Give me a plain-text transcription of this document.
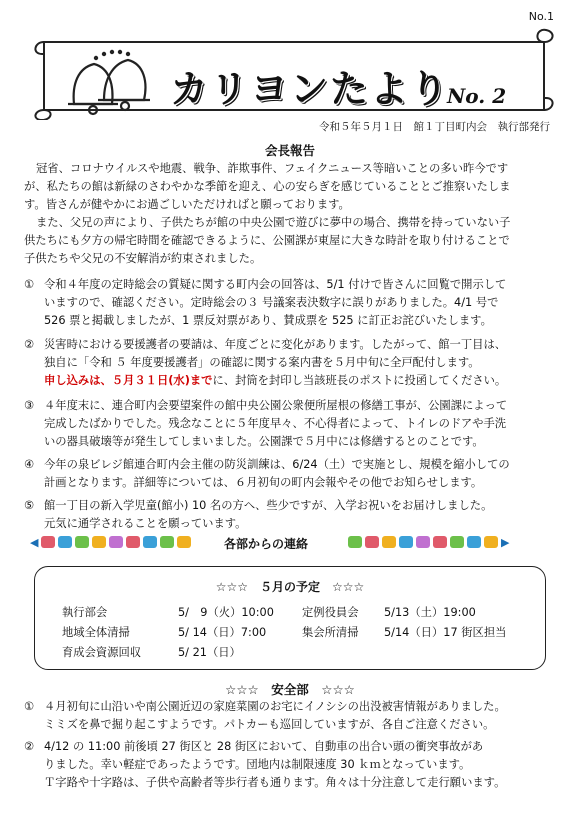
No.1
カリヨンたより
No. 2
令和５年５月１日　館１丁目町内会　執行部発行
会長報告
冠省、コロナウイルスや地震、戦争、詐欺事件、フェイクニュース等暗いことの多い昨今です
が、私たちの館は新緑のさわやかな季節を迎え、心の安らぎを感じていることとご推察いたしま
す。皆さんが健やかにお過ごしいただければと願っております。
また、父兄の声により、子供たちが館の中央公園で遊びに夢中の場合、携帯を持っていない子
供たちにも夕方の帰宅時間を確認できるように、公園課が東屋に大きな時計を取り付けることで
子供たちや父兄の不安解消が約束されました。
① 令和４年度の定時総会の質疑に関する町内会の回答は、5/1 付けで皆さんに回覧で開示して
いますので、確認ください。定時総会の３ 号議案表決数字に誤りがありました。4/1 号で
526 票と掲載しましたが、1 票反対票があり、賛成票を 525 に訂正お詫びいたします。
② 災害時における要援護者の要請は、年度ごとに変化があります。したがって、館一丁目は、
独自に「令和 ５ 年度要援護者」の確認に関する案内書を５月中旬に全戸配付します。
申し込みは、５月３１日(水)までに、封筒を封印し当該班長のポストに投函してください。
③ ４年度末に、連合町内会要望案件の館中央公園公衆便所屋根の修繕工事が、公園課によって
完成したばかりでした。残念なことに５年度早々、不心得者によって、トイレのドアや手洗
いの器具破壊等が発生してしまいました。公園課で５月中には修繕するとのことです。
④ 今年の泉ビレジ館連合町内会主催の防災訓練は、6/24（土）で実施とし、規模を縮小しての
計画となります。詳細等については、６月初旬の町内会報やその他でお知らせします。
⑤ 館一丁目の新入学児童(館小) 10 名の方へ、些少ですが、入学お祝いをお届けしました。
元気に通学されることを願っています。
◀	各部からの連絡	▶
☆☆☆　５月の予定　☆☆☆
執行部会	5/　9（火）10:00 定例役員会 5/13（土）19:00
地域全体清掃	5/ 14（日）7:00	集会所清掃 5/14（日）17 街区担当
育成会資源回収	5/ 21（日）
☆☆☆　安全部　☆☆☆
① ４月初旬に山沿いや南公園近辺の家庭菜園のお宅にイノシシの出没被害情報がありました。
ミミズを鼻で掘り起こすようです。パトカーも巡回していますが、各自ご注意ください。
② 4/12 の 11:00 前後頃 27 街区と 28 街区において、自動車の出合い頭の衝突事故があ
りました。幸い軽症であったようです。団地内は制限速度 30 ｋｍとなっています。
Ｔ字路や十字路は、子供や高齢者等歩行者も通ります。角々は十分注意して走行願います。
